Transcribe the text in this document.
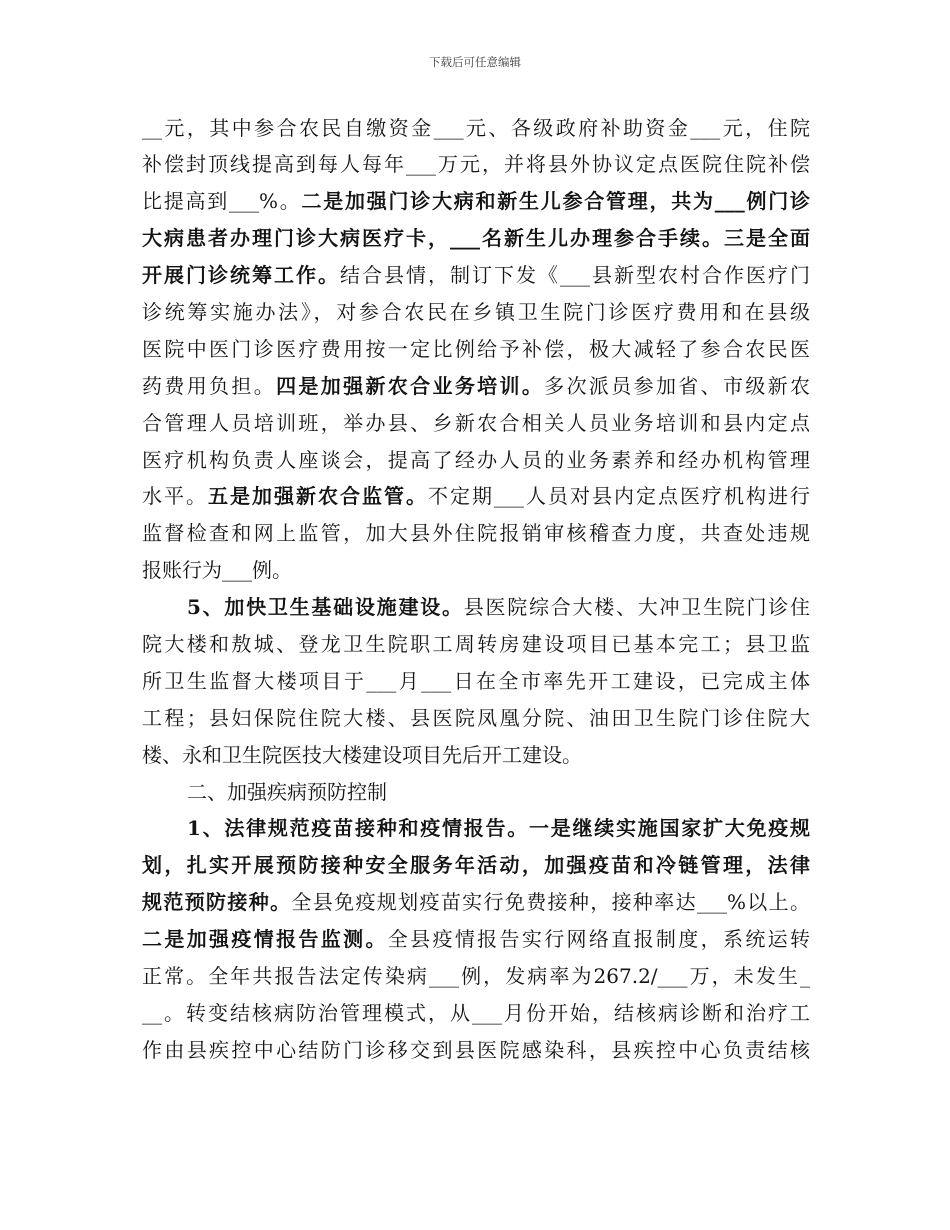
下载后可任意编辑
__元，其中参合农民自缴资金___元、各级政府补助资金___元，住院
补偿封顶线提高到每人每年___万元，并将县外协议定点医院住院补偿
比提高到___%。二是加强门诊大病和新生儿参合管理，共为___例门诊
大病患者办理门诊大病医疗卡，___名新生儿办理参合手续。三是全面
开展门诊统筹工作。结合县情，制订下发《___县新型农村合作医疗门
诊统筹实施办法》，对参合农民在乡镇卫生院门诊医疗费用和在县级
医院中医门诊医疗费用按一定比例给予补偿，极大减轻了参合农民医
药费用负担。四是加强新农合业务培训。多次派员参加省、市级新农
合管理人员培训班，举办县、乡新农合相关人员业务培训和县内定点
医疗机构负责人座谈会，提高了经办人员的业务素养和经办机构管理
水平。五是加强新农合监管。不定期___人员对县内定点医疗机构进行
监督检查和网上监管，加大县外住院报销审核稽查力度，共查处违规
报账行为___例。
5、加快卫生基础设施建设。县医院综合大楼、大冲卫生院门诊住
院大楼和敖城、登龙卫生院职工周转房建设项目已基本完工；县卫监
所卫生监督大楼项目于___月___日在全市率先开工建设，已完成主体
工程；县妇保院住院大楼、县医院凤凰分院、油田卫生院门诊住院大
楼、永和卫生院医技大楼建设项目先后开工建设。
二、加强疾病预防控制
1、法律规范疫苗接种和疫情报告。一是继续实施国家扩大免疫规
划，扎实开展预防接种安全服务年活动，加强疫苗和冷链管理，法律
规范预防接种。全县免疫规划疫苗实行免费接种，接种率达___%以上。
二是加强疫情报告监测。全县疫情报告实行网络直报制度，系统运转
正常。全年共报告法定传染病___例，发病率为267.2/___万，未发生_
__。转变结核病防治管理模式，从___月份开始，结核病诊断和治疗工
作由县疾控中心结防门诊移交到县医院感染科，县疾控中心负责结核
